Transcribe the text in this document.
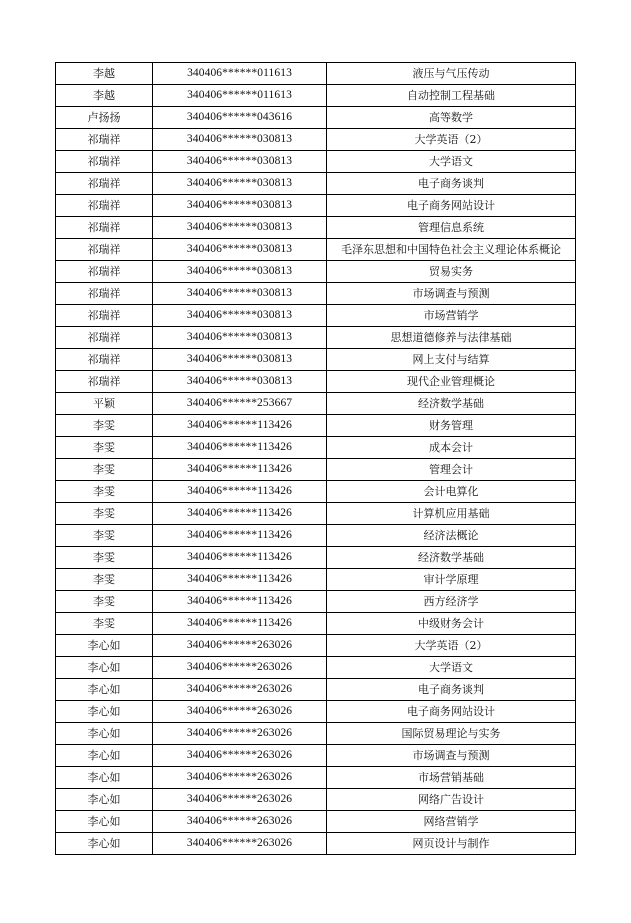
李越	340406******011613	液压与气压传动
李越	340406******011613	自动控制工程基础
卢扬扬	340406******043616	高等数学
祁瑞祥	340406******030813	大学英语（2）
祁瑞祥	340406******030813	大学语文
祁瑞祥	340406******030813	电子商务谈判
祁瑞祥	340406******030813	电子商务网站设计
祁瑞祥	340406******030813	管理信息系统
祁瑞祥	340406******030813	毛泽东思想和中国特色社会主义理论体系概论
祁瑞祥	340406******030813	贸易实务
祁瑞祥	340406******030813	市场调查与预测
祁瑞祥	340406******030813	市场营销学
祁瑞祥	340406******030813	思想道德修养与法律基础
祁瑞祥	340406******030813	网上支付与结算
祁瑞祥	340406******030813	现代企业管理概论
平颖	340406******253667	经济数学基础
李雯	340406******113426	财务管理
李雯	340406******113426	成本会计
李雯	340406******113426	管理会计
李雯	340406******113426	会计电算化
李雯	340406******113426	计算机应用基础
李雯	340406******113426	经济法概论
李雯	340406******113426	经济数学基础
李雯	340406******113426	审计学原理
李雯	340406******113426	西方经济学
李雯	340406******113426	中级财务会计
李心如	340406******263026	大学英语（2）
李心如	340406******263026	大学语文
李心如	340406******263026	电子商务谈判
李心如	340406******263026	电子商务网站设计
李心如	340406******263026	国际贸易理论与实务
李心如	340406******263026	市场调查与预测
李心如	340406******263026	市场营销基础
李心如	340406******263026	网络广告设计
李心如	340406******263026	网络营销学
李心如	340406******263026	网页设计与制作
